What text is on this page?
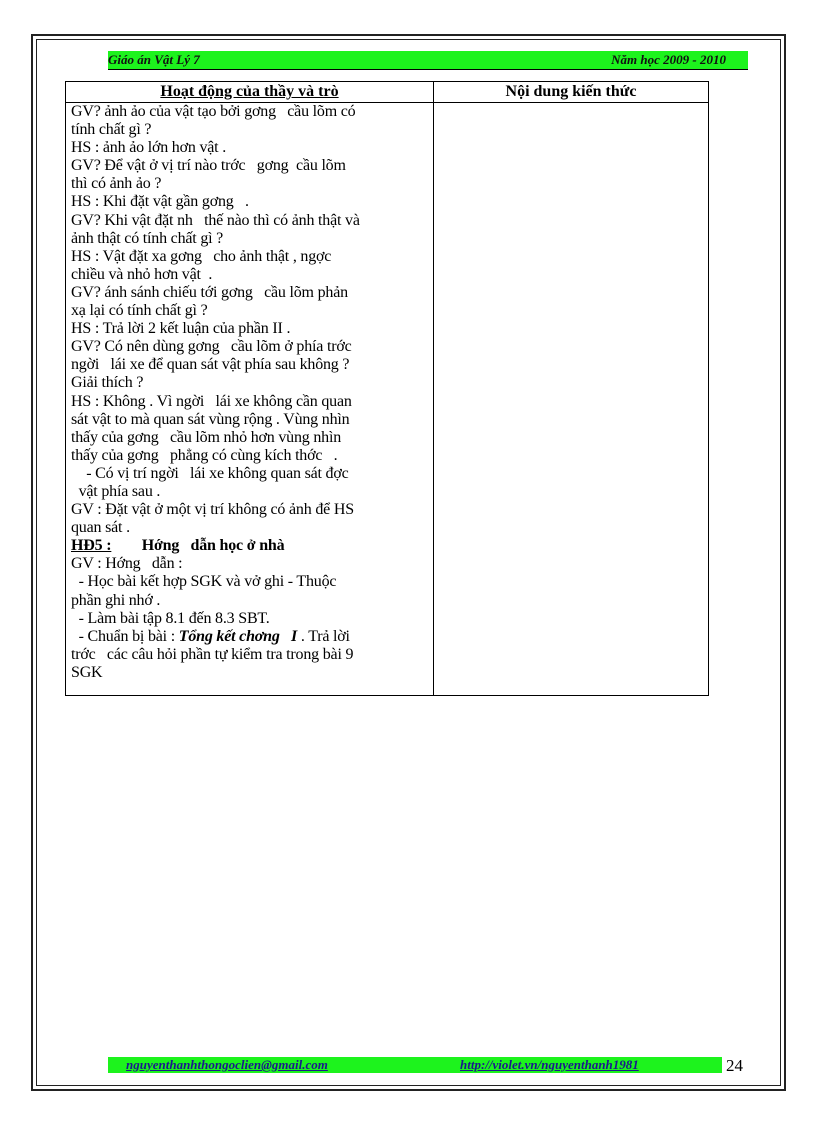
Giáo án Vật Lý 7	Năm học 2009 - 2010
Hoạt động của thầy và trò	Nội dung kiến thức
GV? ảnh ảo của vật tạo bởi gơng   cầu lõm có
tính chất gì ?
HS : ảnh ảo lớn hơn vật .
GV? Để vật ở vị trí nào trớc   gơng  cầu lõm
thì có ảnh ảo ?
HS : Khi đặt vật gần gơng   .
GV? Khi vật đặt nh   thế nào thì có ảnh thật và
ảnh thật có tính chất gì ?
HS : Vật đặt xa gơng   cho ảnh thật , ngợc
chiều và nhỏ hơn vật  .
GV? ánh sánh chiếu tới gơng   cầu lõm phản
xạ lại có tính chất gì ?
HS : Trả lời 2 kết luận của phần II .
GV? Có nên dùng gơng   cầu lõm ở phía trớc
ngời   lái xe để quan sát vật phía sau không ?
Giải thích ?
HS : Không . Vì ngời   lái xe không cần quan
sát vật to mà quan sát vùng rộng . Vùng nhìn
thấy của gơng   cầu lõm nhỏ hơn vùng nhìn
thấy của gơng   phẳng có cùng kích thớc   .
- Có vị trí ngời   lái xe không quan sát đợc
vật phía sau .
GV : Đặt vật ở một vị trí không có ảnh để HS
quan sát .
HĐ5 : Hớng   dẫn học ở nhà
GV : Hớng   dẫn :
- Học bài kết hợp SGK và vở ghi - Thuộc
phần ghi nhớ .
- Làm bài tập 8.1 đến 8.3 SBT.
- Chuẩn bị bài : Tổng kết chơng   I . Trả lời
trớc   các câu hỏi phần tự kiểm tra trong bài 9
SGK
nguyenthanhthongoclien@gmail.com	http://violet.vn/nguyenthanh1981	24
